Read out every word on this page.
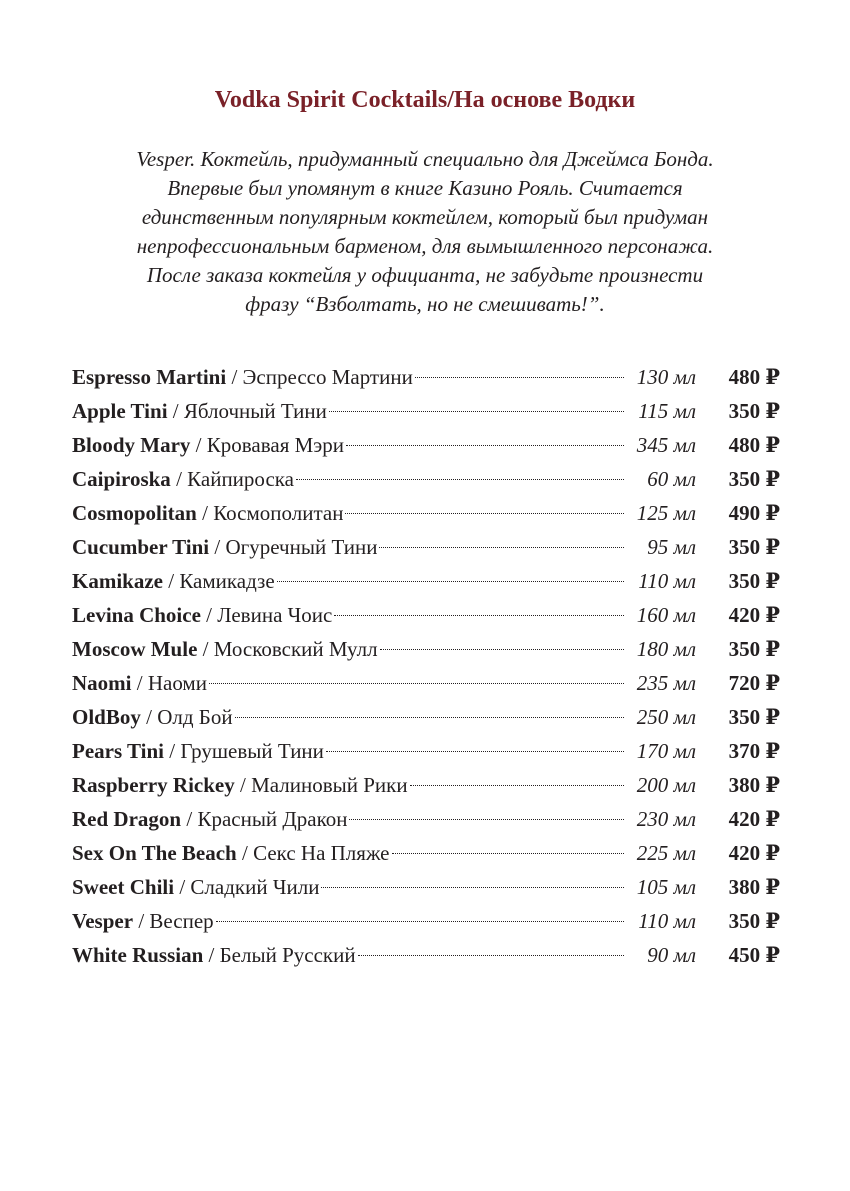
Vodka Spirit Cocktails/На основе Водки
Vesper. Коктейль, придуманный специально для Джеймса Бонда.
Впервые был упомянут в книге Казино Рояль. Считается
единственным популярным коктейлем, который был придуман
непрофессиональным барменом, для вымышленного персонажа.
После заказа коктейля у официанта, не забудьте произнести
фразу “Взболтать, но не смешивать!”.
Espresso Martini / Эспрессо Мартини	130 мл	480 ₽
Apple Tini / Яблочный Тини	115 мл	350 ₽
Bloody Mary / Кровавая Мэри	345 мл	480 ₽
Caipiroska / Кайпироска	60 мл	350 ₽
Cosmopolitan / Космополитан	125 мл	490 ₽
Cucumber Tini / Огуречный Тини	95 мл	350 ₽
Kamikaze / Камикадзе	110 мл	350 ₽
Levina Choice / Левина Чоис	160 мл	420 ₽
Moscow Mule / Московский Мулл	180 мл	350 ₽
Naomi / Наоми	235 мл	720 ₽
OldBoy / Олд Бой	250 мл	350 ₽
Pears Tini / Грушевый Тини	170 мл	370 ₽
Raspberry Rickey / Малиновый Рики	200 мл	380 ₽
Red Dragon / Красный Дракон	230 мл	420 ₽
Sex On The Beach / Секс На Пляже	225 мл	420 ₽
Sweet Chili / Сладкий Чили	105 мл	380 ₽
Vesper / Веспер	110 мл	350 ₽
White Russian / Белый Русский	90 мл	450 ₽
